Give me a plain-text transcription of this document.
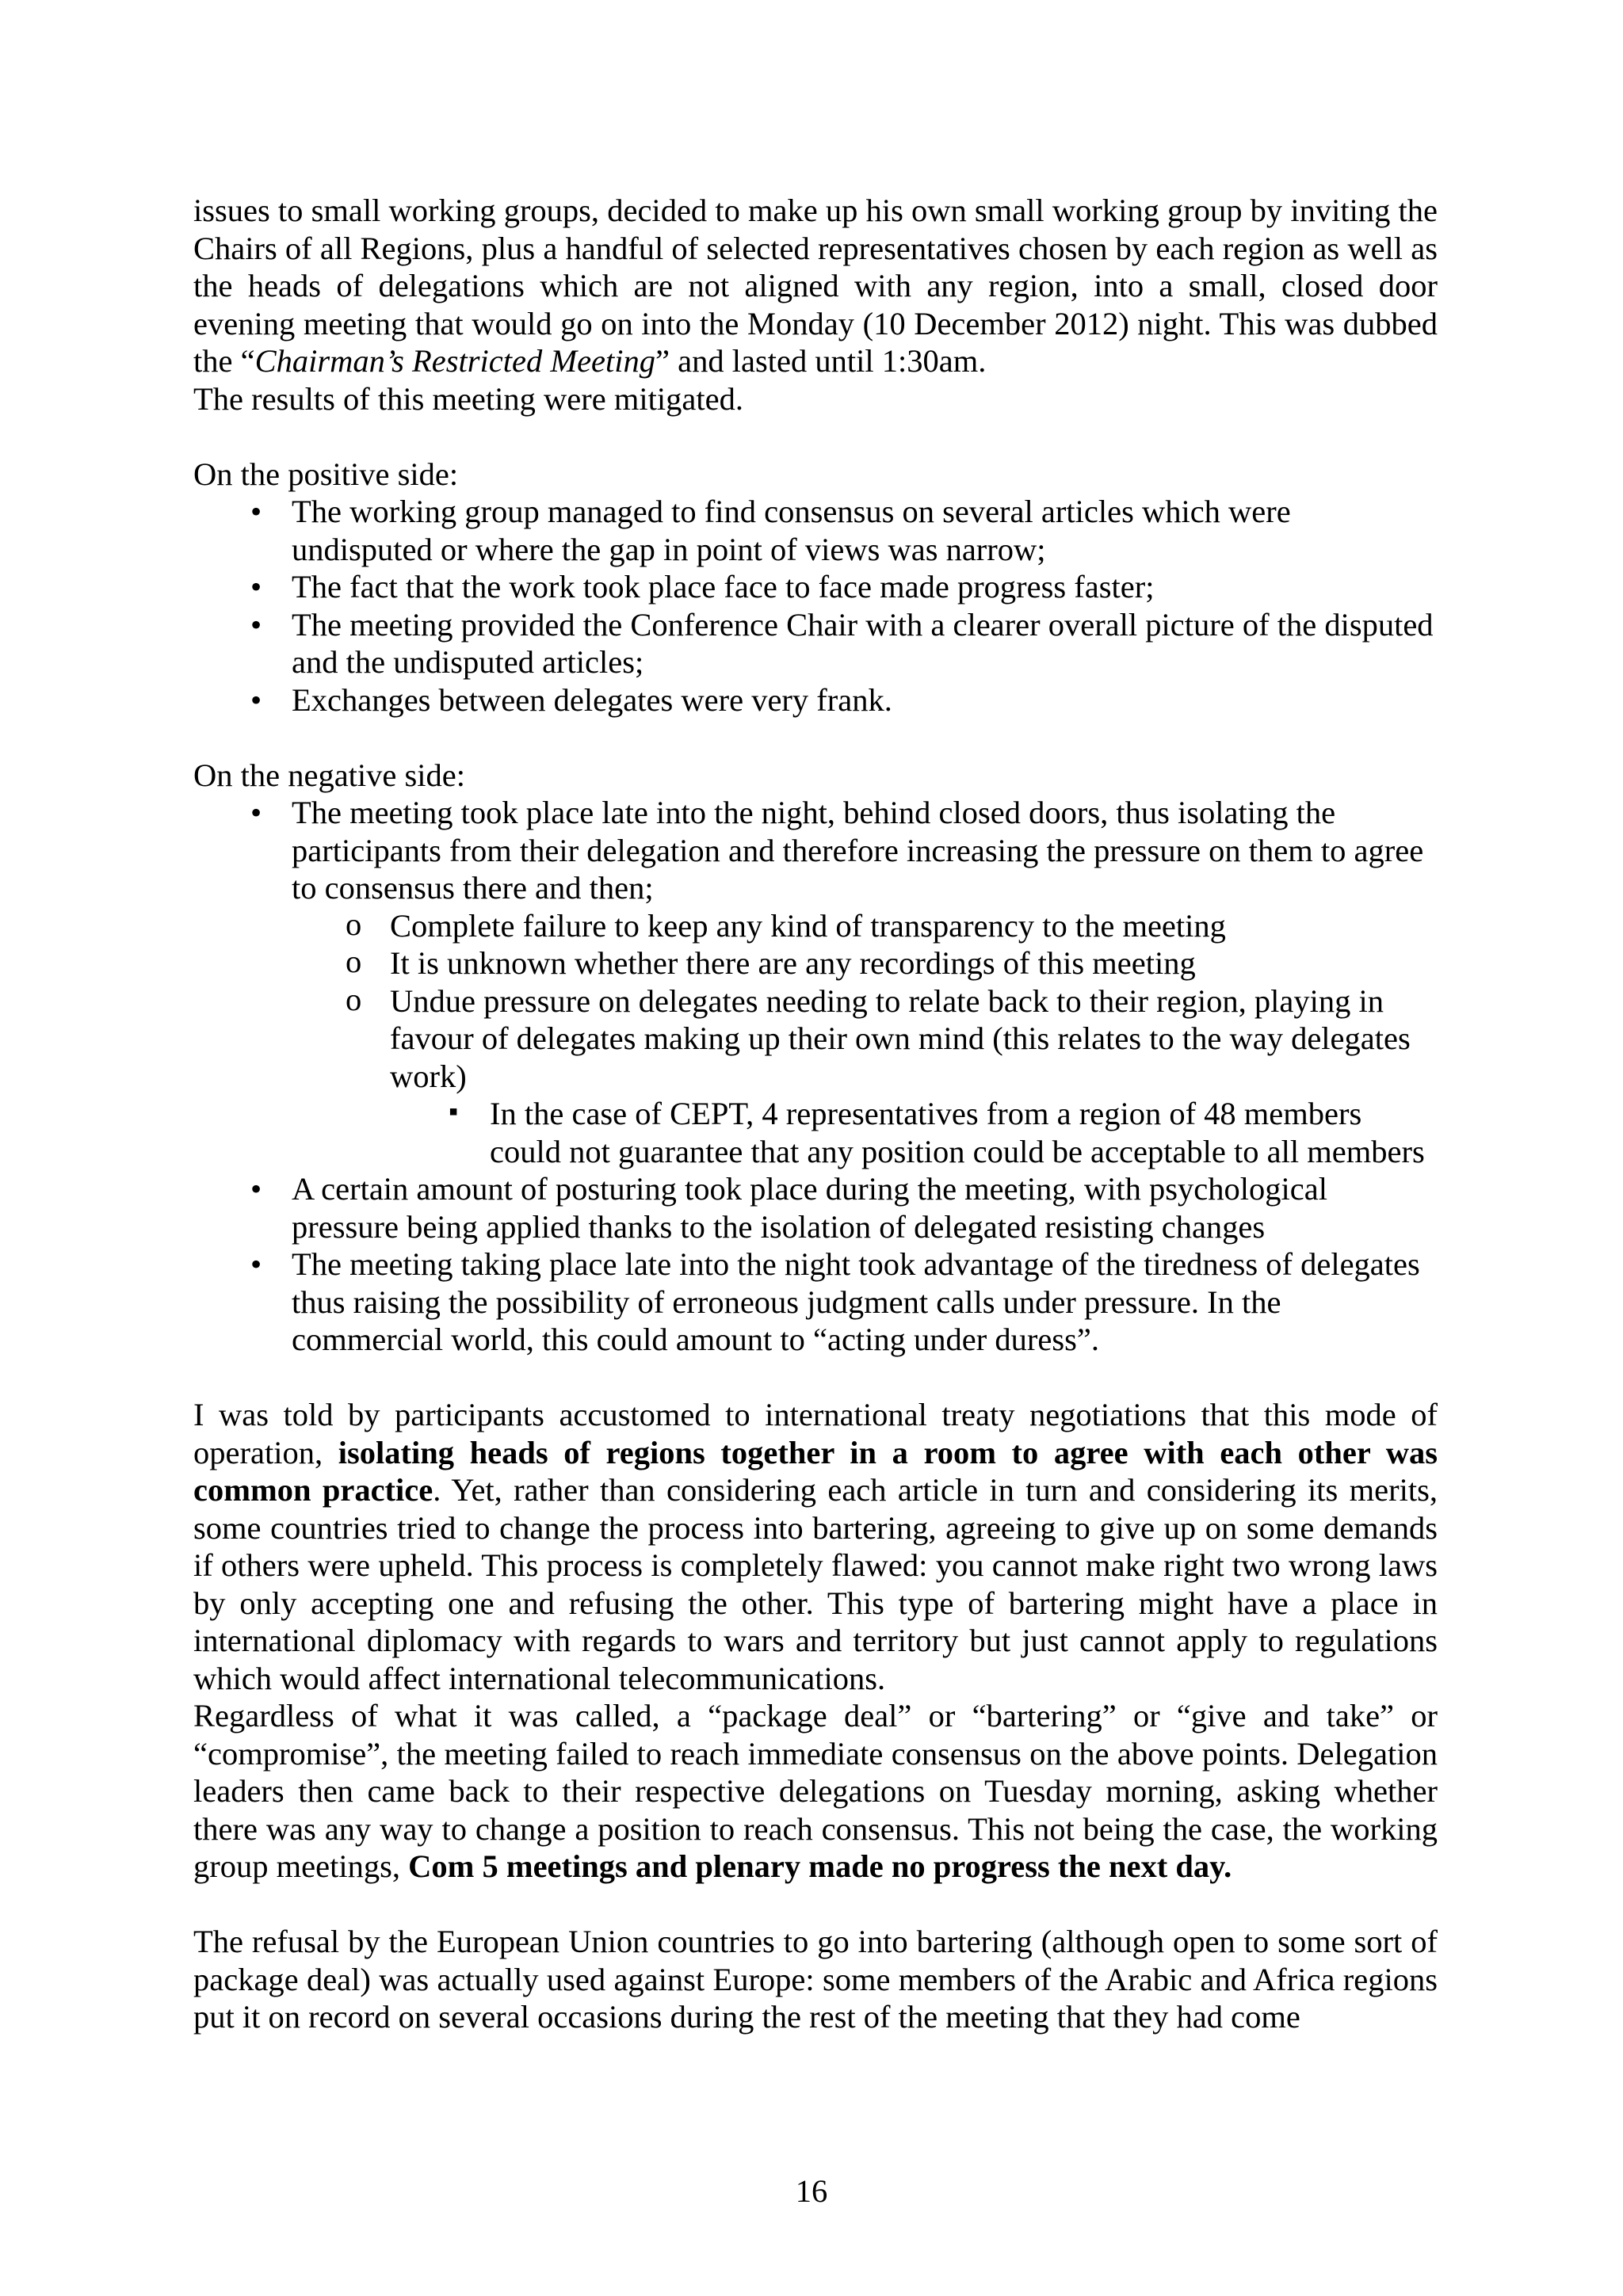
issues to small working groups, decided to make up his own small working group by inviting the Chairs of all Regions, plus a handful of selected representatives chosen by each region as well as the heads of delegations which are not aligned with any region, into a small, closed door evening meeting that would go on into the Monday (10 December 2012) night. This was dubbed the “Chairman’s Restricted Meeting” and lasted until 1:30am.

The results of this meeting were mitigated.

On the positive side:

• The working group managed to find consensus on several articles which were undisputed or where the gap in point of views was narrow;
• The fact that the work took place face to face made progress faster;
• The meeting provided the Conference Chair with a clearer overall picture of the disputed and the undisputed articles;
• Exchanges between delegates were very frank.

On the negative side:

• The meeting took place late into the night, behind closed doors, thus isolating the participants from their delegation and therefore increasing the pressure on them to agree to consensus there and then;
o Complete failure to keep any kind of transparency to the meeting
o It is unknown whether there are any recordings of this meeting
o Undue pressure on delegates needing to relate back to their region, playing in favour of delegates making up their own mind (this relates to the way delegates work)
▪ In the case of CEPT, 4 representatives from a region of 48 members could not guarantee that any position could be acceptable to all members
• A certain amount of posturing took place during the meeting, with psychological pressure being applied thanks to the isolation of delegated resisting changes
• The meeting taking place late into the night took advantage of the tiredness of delegates thus raising the possibility of erroneous judgment calls under pressure. In the commercial world, this could amount to “acting under duress”.

I was told by participants accustomed to international treaty negotiations that this mode of operation, isolating heads of regions together in a room to agree with each other was common practice. Yet, rather than considering each article in turn and considering its merits, some countries tried to change the process into bartering, agreeing to give up on some demands if others were upheld. This process is completely flawed: you cannot make right two wrong laws by only accepting one and refusing the other. This type of bartering might have a place in international diplomacy with regards to wars and territory but just cannot apply to regulations which would affect international telecommunications.

Regardless of what it was called, a “package deal” or “bartering” or “give and take” or “compromise”, the meeting failed to reach immediate consensus on the above points. Delegation leaders then came back to their respective delegations on Tuesday morning, asking whether there was any way to change a position to reach consensus. This not being the case, the working group meetings, Com 5 meetings and plenary made no progress the next day.

The refusal by the European Union countries to go into bartering (although open to some sort of package deal) was actually used against Europe: some members of the Arabic and Africa regions put it on record on several occasions during the rest of the meeting that they had come

16
